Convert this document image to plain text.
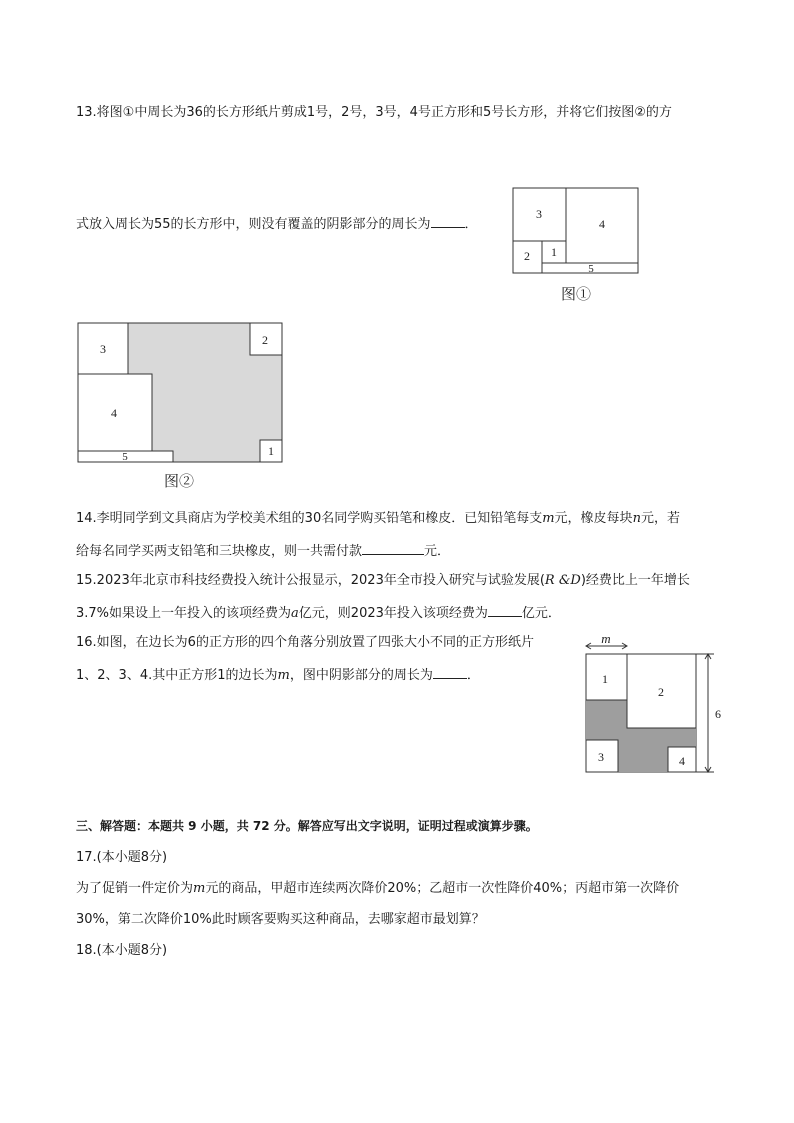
13.将图①中周长为36的长方形纸片剪成1号，2号，3号，4号正方形和5号长方形，并将它们按图②的方
式放入周长为55的长方形中，则没有覆盖的阴影部分的周长为	．
3
4
2 1
5
图①
3
2
4
5	1
图②
14.李明同学到文具商店为学校美术组的30名同学购买铅笔和橡皮．已知铅笔每支m元，橡皮每块n元，若
给每名同学买两支铅笔和三块橡皮，则一共需付款	元．
15.2023年北京市科技经费投入统计公报显示，2023年全市投入研究与试验发展(R &D)经费比上一年增长
3.7%如果设上一年投入的该项经费为a亿元，则2023年投入该项经费为	亿元．
16.如图，在边长为6的正方形的四个角落分别放置了四张大小不同的正方形纸片
1、2、3、4.其中正方形1的边长为m，图中阴影部分的周长为	．
m
6
1
2
3	4
三、解答题：本题共 9 小题，共 72 分。解答应写出文字说明，证明过程或演算步骤。
17.(本小题8分)
为了促销一件定价为m元的商品，甲超市连续两次降价20%；乙超市一次性降价40%；丙超市第一次降价
30%，第二次降价10%此时顾客要购买这种商品，去哪家超市最划算？
18.(本小题8分)
